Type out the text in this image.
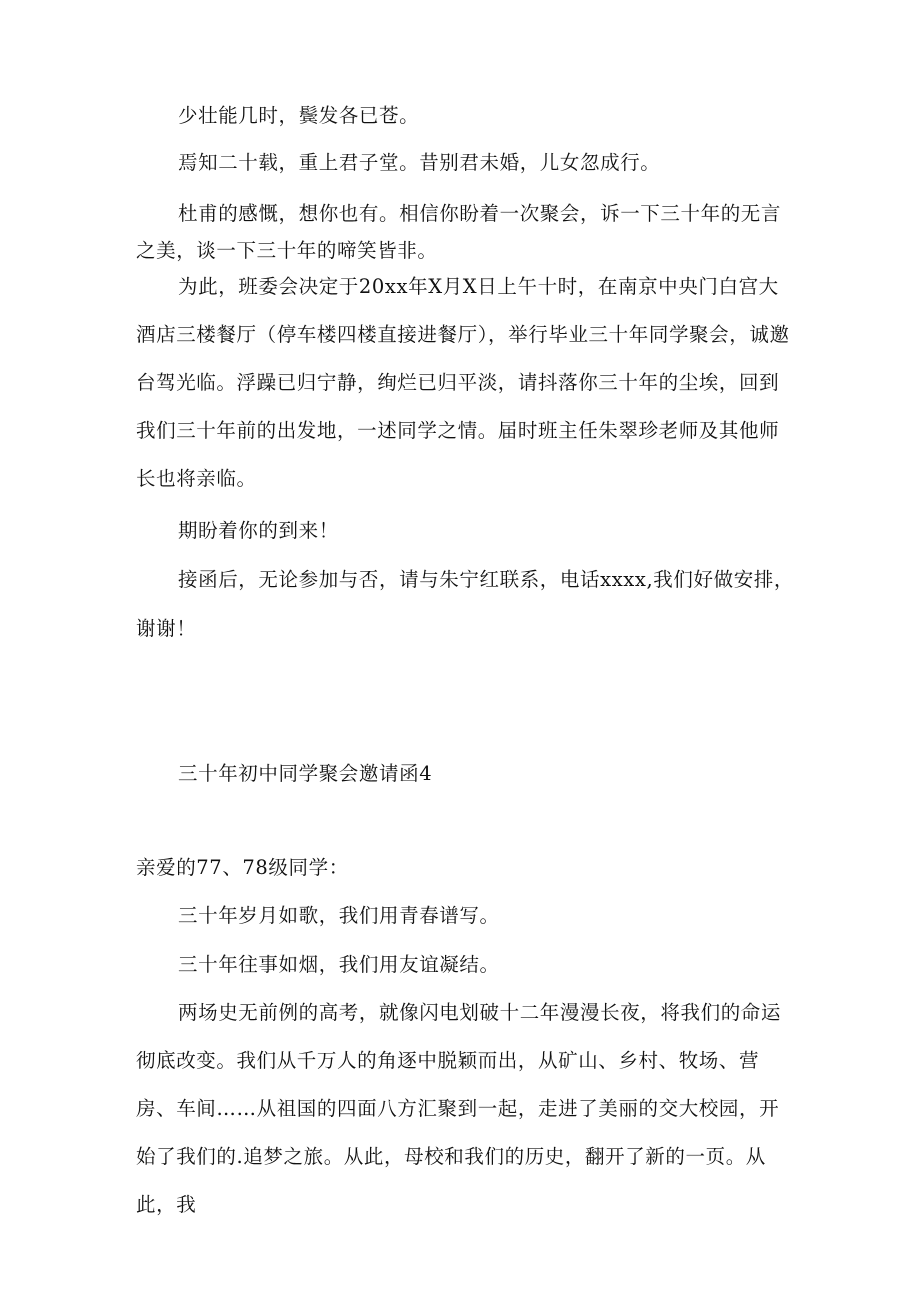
少壮能几时，鬓发各已苍。

焉知二十载，重上君子堂。昔别君未婚，儿女忽成行。

杜甫的感慨，想你也有。相信你盼着一次聚会，诉一下三十年的无言之美，谈一下三十年的啼笑皆非。

为此，班委会决定于20xx年X月X日上午十时，在南京中央门白宫大酒店三楼餐厅（停车楼四楼直接进餐厅），举行毕业三十年同学聚会，诚邀台驾光临。浮躁已归宁静，绚烂已归平淡，请抖落你三十年的尘埃，回到我们三十年前的出发地，一述同学之情。届时班主任朱翠珍老师及其他师长也将亲临。

期盼着你的到来！

接函后，无论参加与否，请与朱宁红联系，电话xxxx,我们好做安排，

谢谢！

三十年初中同学聚会邀请函4

亲爱的77、78级同学：

三十年岁月如歌，我们用青春谱写。

三十年往事如烟，我们用友谊凝结。

两场史无前例的高考，就像闪电划破十二年漫漫长夜，将我们的命运彻底改变。我们从千万人的角逐中脱颖而出，从矿山、乡村、牧场、营房、车间……从祖国的四面八方汇聚到一起，走进了美丽的交大校园，开始了我们的.追梦之旅。从此，母校和我们的历史，翻开了新的一页。从此，我
